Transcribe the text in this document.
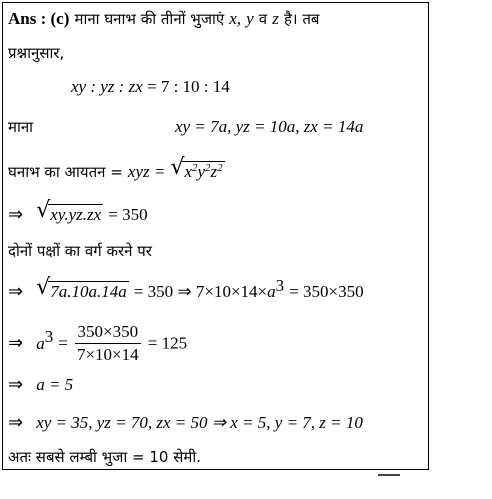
Ans : (c) माना घनाभ की तीनों भुजाएं x, y व z है। तब
प्रश्नानुसार,
xy : yz : zx = 7 : 10 : 14
माना	xy = 7a, yz = 10a, zx = 14a
घनाभ का आयतन = xyz = √ $x^2y^2z^2$
⇒ √ xy.yz.zx = 350
दोनों पक्षों का वर्ग करने पर
⇒ √ 7a.10a.14a = 350 ⇒ $7\times 10\times 14\times a^3 = 350\times 350$
⇒ $a^3 = \frac{350\times 350}{7\times 10\times 14} = 125$
⇒ a = 5
⇒ xy = 35, yz = 70, zx = 50 ⇒ x = 5, y = 7, z = 10
अतः सबसे लम्बी भुजा = 10 सेमी.
